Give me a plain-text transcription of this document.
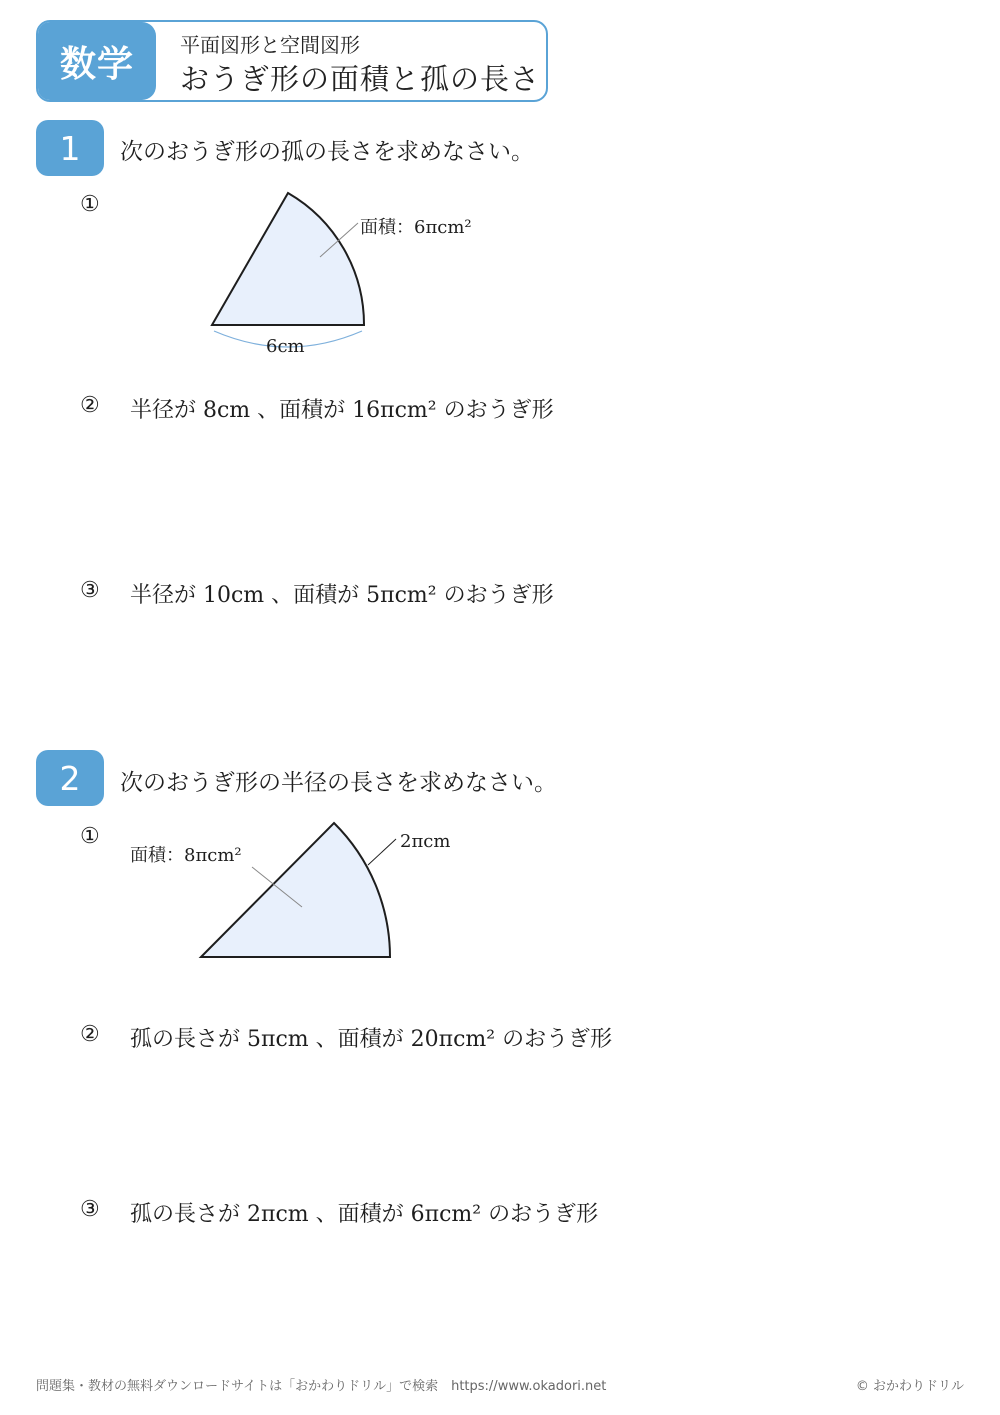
数学	平面図形と空間図形
おうぎ形の面積と孤の長さ
1	次のおうぎ形の孤の長さを求めなさい。
①
面積：6πcm²
6cm
② 半径が 8cm 、面積が 16πcm² のおうぎ形
③ 半径が 10cm 、面積が 5πcm² のおうぎ形
2	次のおうぎ形の半径の長さを求めなさい。
①
面積：8πcm²
2πcm
② 孤の長さが 5πcm 、面積が 20πcm² のおうぎ形
③ 孤の長さが 2πcm 、面積が 6πcm² のおうぎ形
問題集・教材の無料ダウンロードサイトは「おかわりドリル」で検索　https://www.okadori.net	© おかわりドリル
